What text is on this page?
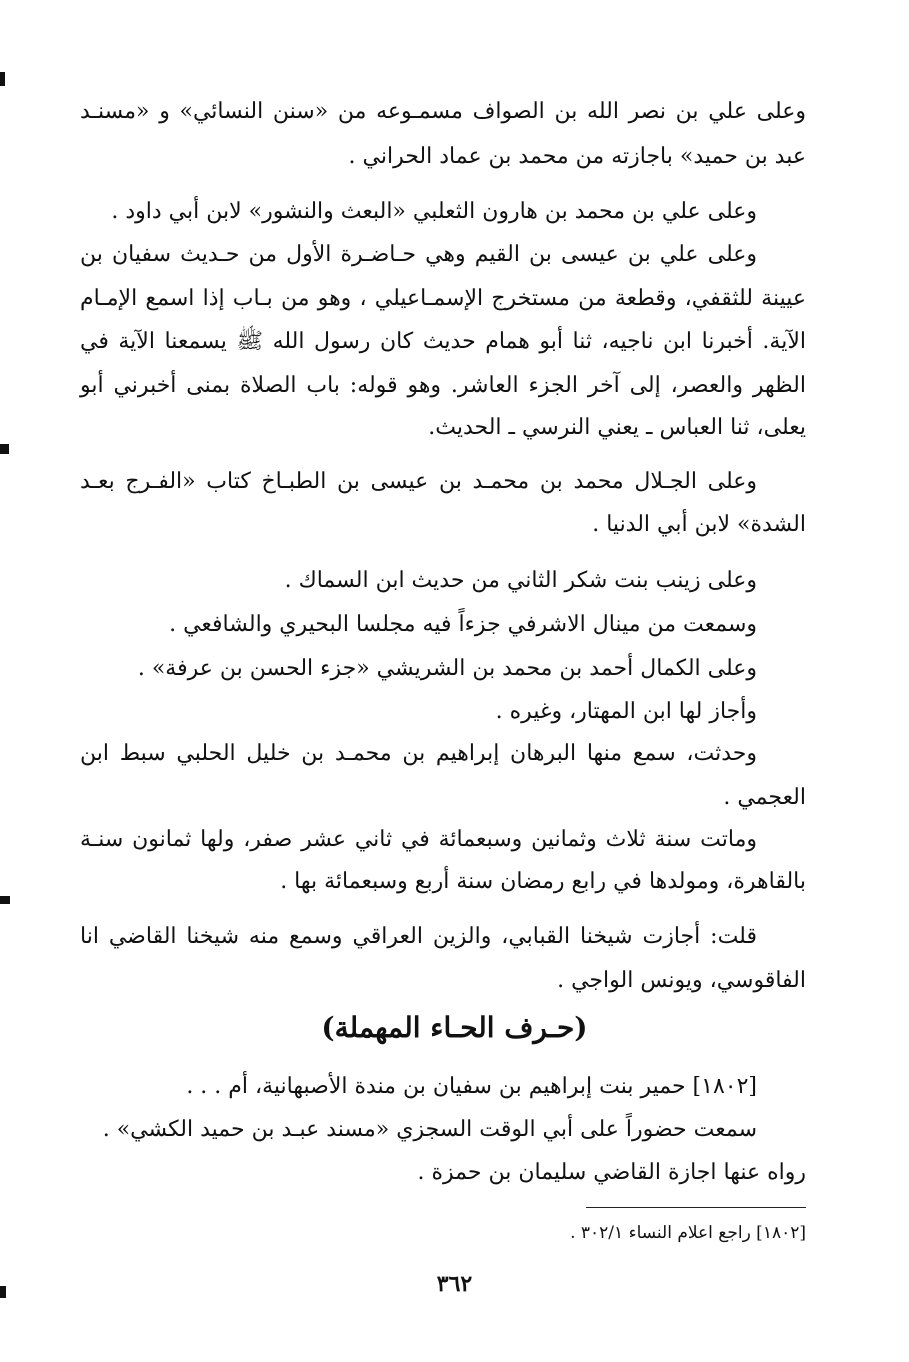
وعلى علي بن نصر الله بن الصواف مسمـوعه من «سنن النسائي» و «مسنـد
عبد بن حميد» باجازته من محمد بن عماد الحراني .
وعلى علي بن محمد بن هارون الثعلبي «البعث والنشور» لابن أبي داود .
وعلى علي بن عيسى بن القيم وهي حـاضـرة الأول من حـديث سفيان بن
عيينة للثقفي، وقطعة من مستخرج الإسمـاعيلي ، وهو من بـاب إذا اسمع الإمـام
الآية. أخبرنا ابن ناجيه، ثنا أبو همام حديث كان رسول الله ﷺ يسمعنا الآية في
الظهر والعصر، إلى آخر الجزء العاشر. وهو قوله: باب الصلاة بمنى أخبرني أبو
يعلى، ثنا العباس ـ يعني النرسي ـ الحديث.
وعلى الجـلال محمد بن محمـد بن عيسى بن الطبـاخ كتاب «الفـرج بعـد
الشدة» لابن أبي الدنيا .
وعلى زينب بنت شكر الثاني من حديث ابن السماك .
وسمعت من مينال الاشرفي جزءاً فيه مجلسا البحيري والشافعي .
وعلى الكمال أحمد بن محمد بن الشريشي «جزء الحسن بن عرفة» .
وأجاز لها ابن المهتار، وغيره .
وحدثت، سمع منها البرهان إبراهيم بن محمـد بن خليل الحلبي سبط ابن
العجمي .
وماتت سنة ثلاث وثمانين وسبعمائة في ثاني عشر صفر، ولها ثمانون سنـة
بالقاهرة، ومولدها في رابع رمضان سنة أربع وسبعمائة بها .
قلت: أجازت شيخنا القبابي، والزين العراقي وسمع منه شيخنا القاضي انا
الفاقوسي، ويونس الواجي .
(حـرف الحـاء المهملة)
[١٨٠٢] حمير بنت إبراهيم بن سفيان بن مندة الأصبهانية، أم . . .
سمعت حضوراً على أبي الوقت السجزي «مسند عبـد بن حميد الكشي» .
رواه عنها اجازة القاضي سليمان بن حمزة .
[١٨٠٢] راجع اعلام النساء ٣٠٢/١ .
٣٦٢
